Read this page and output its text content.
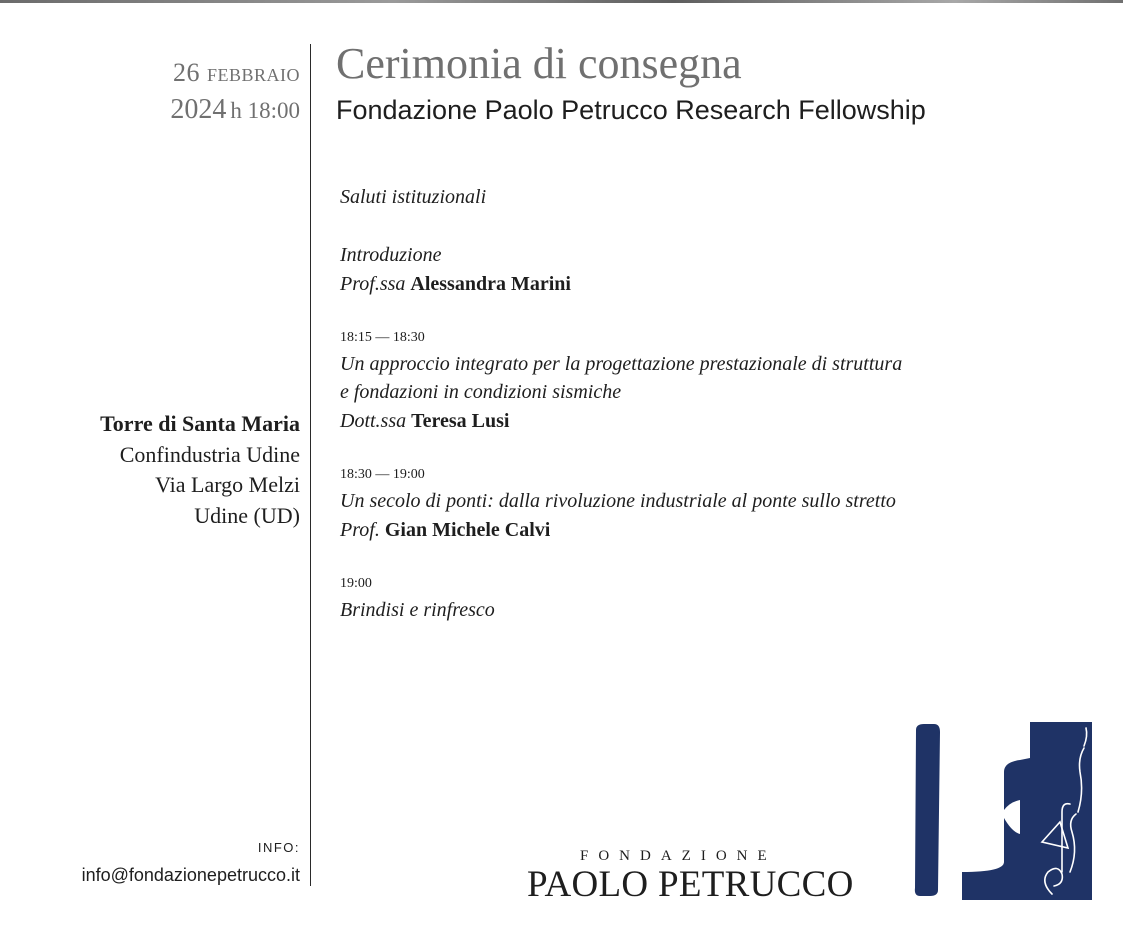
26 febbraio
2024 h 18:00
Torre di Santa Maria
Confindustria Udine
Via Largo Melzi
Udine (UD)
INFO:
info@fondazionepetrucco.it
Cerimonia di consegna
Fondazione Paolo Petrucco Research Fellowship
Saluti istituzionali
Introduzione
Prof.ssa Alessandra Marini
18:15 — 18:30
Un approccio integrato per la progettazione prestazionale di struttura
e fondazioni in condizioni sismiche
Dott.ssa Teresa Lusi
18:30 — 19:00
Un secolo di ponti: dalla rivoluzione industriale al ponte sullo stretto
Prof. Gian Michele Calvi
19:00
Brindisi e rinfresco
FONDAZIONE
PAOLO PETRUCCO
